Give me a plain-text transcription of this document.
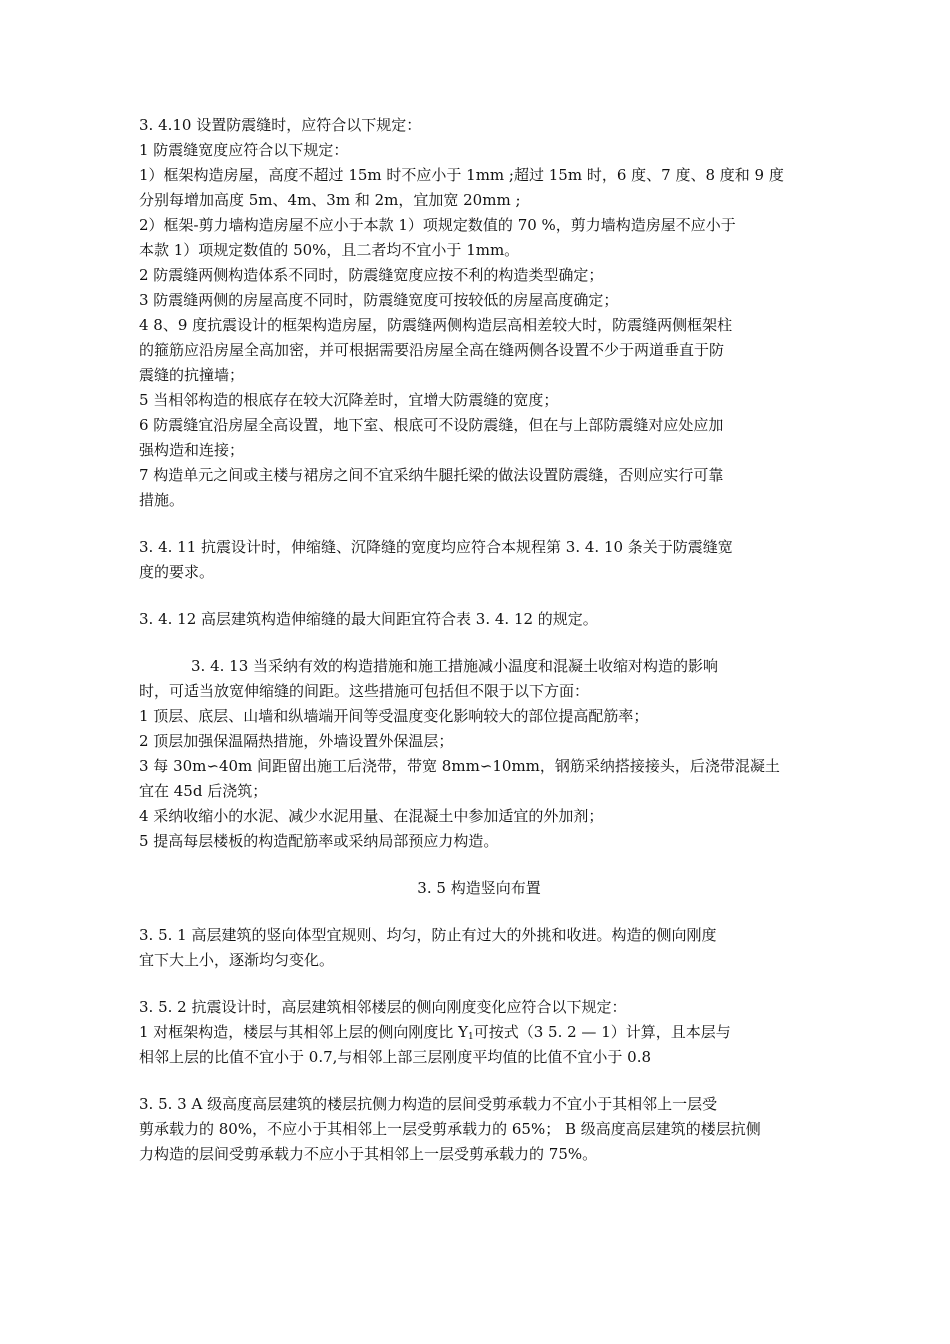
3. 4.10 设置防震缝时，应符合以下规定：
1 防震缝宽度应符合以下规定：
1）框架构造房屋，高度不超过 15m 时不应小于 1mm ;超过 15m 时，6 度、7 度、8 度和 9 度
分别每增加高度 5m、4m、3m 和 2m，宜加宽 20mm ;
2）框架-剪力墙构造房屋不应小于本款 1）项规定数值的 70 %，剪力墙构造房屋不应小于
本款 1）项规定数值的 50%，且二者均不宜小于 1mm。
2 防震缝两侧构造体系不同时，防震缝宽度应按不利的构造类型确定；
3 防震缝两侧的房屋高度不同时，防震缝宽度可按较低的房屋高度确定；
4 8、9 度抗震设计的框架构造房屋，防震缝两侧构造层高相差较大时，防震缝两侧框架柱
的箍筋应沿房屋全高加密，并可根据需要沿房屋全高在缝两侧各设置不少于两道垂直于防
震缝的抗撞墙；
5 当相邻构造的根底存在较大沉降差时，宜增大防震缝的宽度；
6 防震缝宜沿房屋全高设置，地下室、根底可不设防震缝，但在与上部防震缝对应处应加
强构造和连接；
7 构造单元之间或主楼与裙房之间不宜采纳牛腿托梁的做法设置防震缝，否则应实行可靠
措施。
3. 4. 11 抗震设计时，伸缩缝、沉降缝的宽度均应符合本规程第 3. 4. 10 条关于防震缝宽
度的要求。
3. 4. 12 高层建筑构造伸缩缝的最大间距宜符合表 3. 4. 12 的规定。
3. 4. 13 当采纳有效的构造措施和施工措施减小温度和混凝土收缩对构造的影响
时，可适当放宽伸缩缝的间距。这些措施可包括但不限于以下方面：
1 顶层、底层、山墙和纵墙端开间等受温度变化影响较大的部位提高配筋率；
2 顶层加强保温隔热措施，外墙设置外保温层；
3 每 30m∽40m 间距留出施工后浇带，带宽 8mm∽10mm，钢筋采纳搭接接头，后浇带混凝土
宜在 45d 后浇筑；
4 采纳收缩小的水泥、减少水泥用量、在混凝土中参加适宜的外加剂；
5 提高每层楼板的构造配筋率或采纳局部预应力构造。
3. 5 构造竖向布置
3. 5. 1 高层建筑的竖向体型宜规则、均匀，防止有过大的外挑和收进。构造的侧向刚度
宜下大上小，逐渐均匀变化。
3. 5. 2 抗震设计时，高层建筑相邻楼层的侧向刚度变化应符合以下规定：
1 对框架构造，楼层与其相邻上层的侧向刚度比 $Y_1$可按式（3 5. 2 — 1）计算，且本层与
相邻上层的比值不宜小于 0.7,与相邻上部三层刚度平均值的比值不宜小于 0.8
3. 5. 3 A 级高度高层建筑的楼层抗侧力构造的层间受剪承载力不宜小于其相邻上一层受
剪承载力的 80%，不应小于其相邻上一层受剪承载力的 65%； B 级高度高层建筑的楼层抗侧
力构造的层间受剪承载力不应小于其相邻上一层受剪承载力的 75%。
